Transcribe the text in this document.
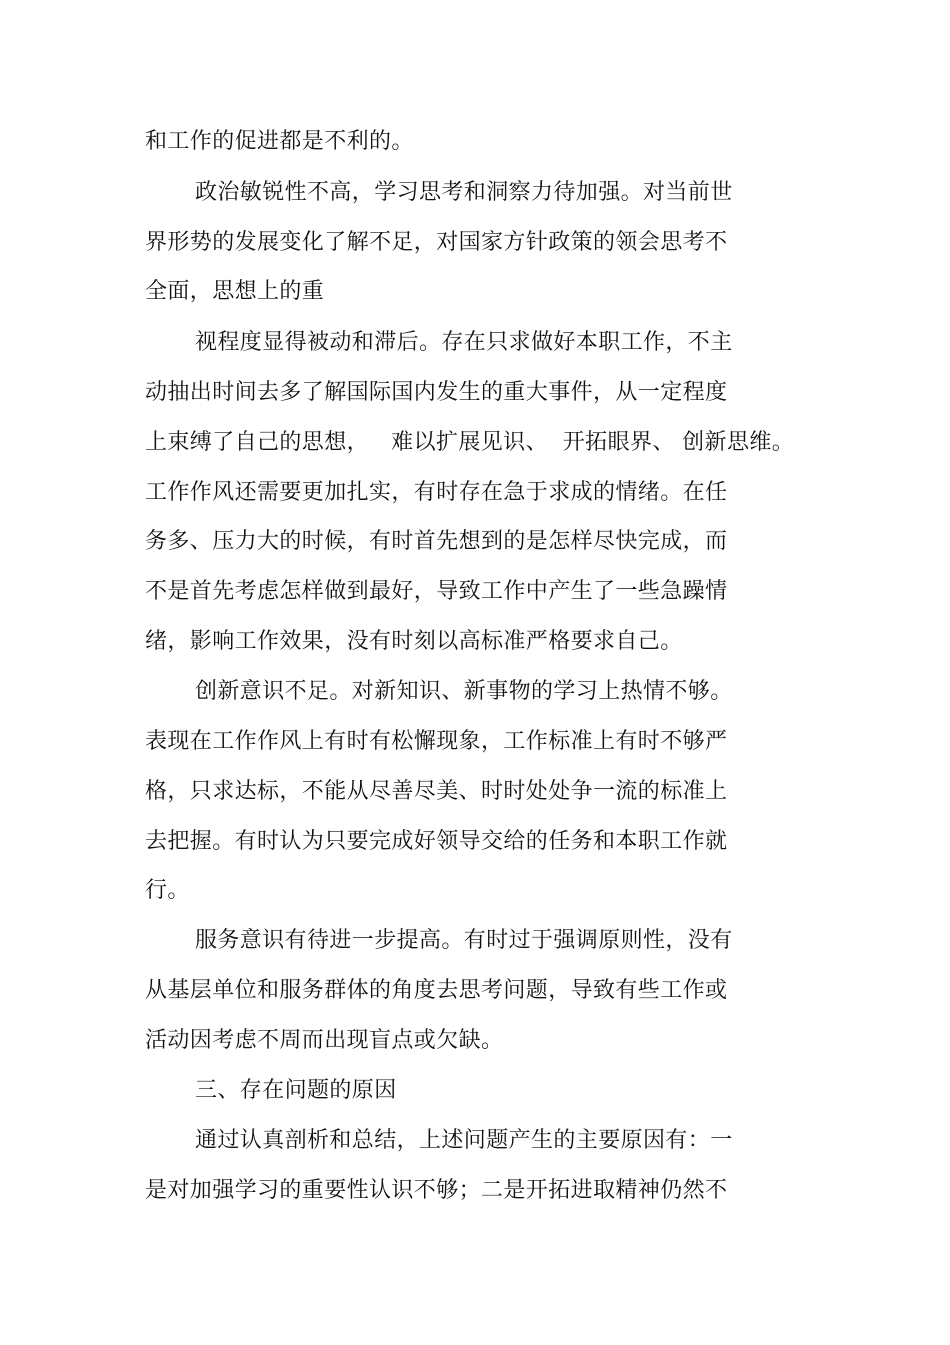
和工作的促进都是不利的。

政治敏锐性不高，学习思考和洞察力待加强。对当前世

界形势的发展变化了解不足，对国家方针政策的领会思考不

全面，思想上的重

视程度显得被动和滞后。存在只求做好本职工作，不主

动抽出时间去多了解国际国内发生的重大事件，从一定程度

上束缚了自己的思想，   难以扩展见识、  开拓眼界、 创新思维。

工作作风还需要更加扎实，有时存在急于求成的情绪。在任

务多、压力大的时候，有时首先想到的是怎样尽快完成，而

不是首先考虑怎样做到最好，导致工作中产生了一些急躁情

绪，影响工作效果，没有时刻以高标准严格要求自己。

创新意识不足。对新知识、新事物的学习上热情不够。

表现在工作作风上有时有松懈现象，工作标准上有时不够严

格，只求达标，不能从尽善尽美、时时处处争一流的标准上

去把握。有时认为只要完成好领导交给的任务和本职工作就

行。

服务意识有待进一步提高。有时过于强调原则性，没有

从基层单位和服务群体的角度去思考问题，导致有些工作或

活动因考虑不周而出现盲点或欠缺。

三、存在问题的原因

通过认真剖析和总结，上述问题产生的主要原因有：一

是对加强学习的重要性认识不够；二是开拓进取精神仍然不
